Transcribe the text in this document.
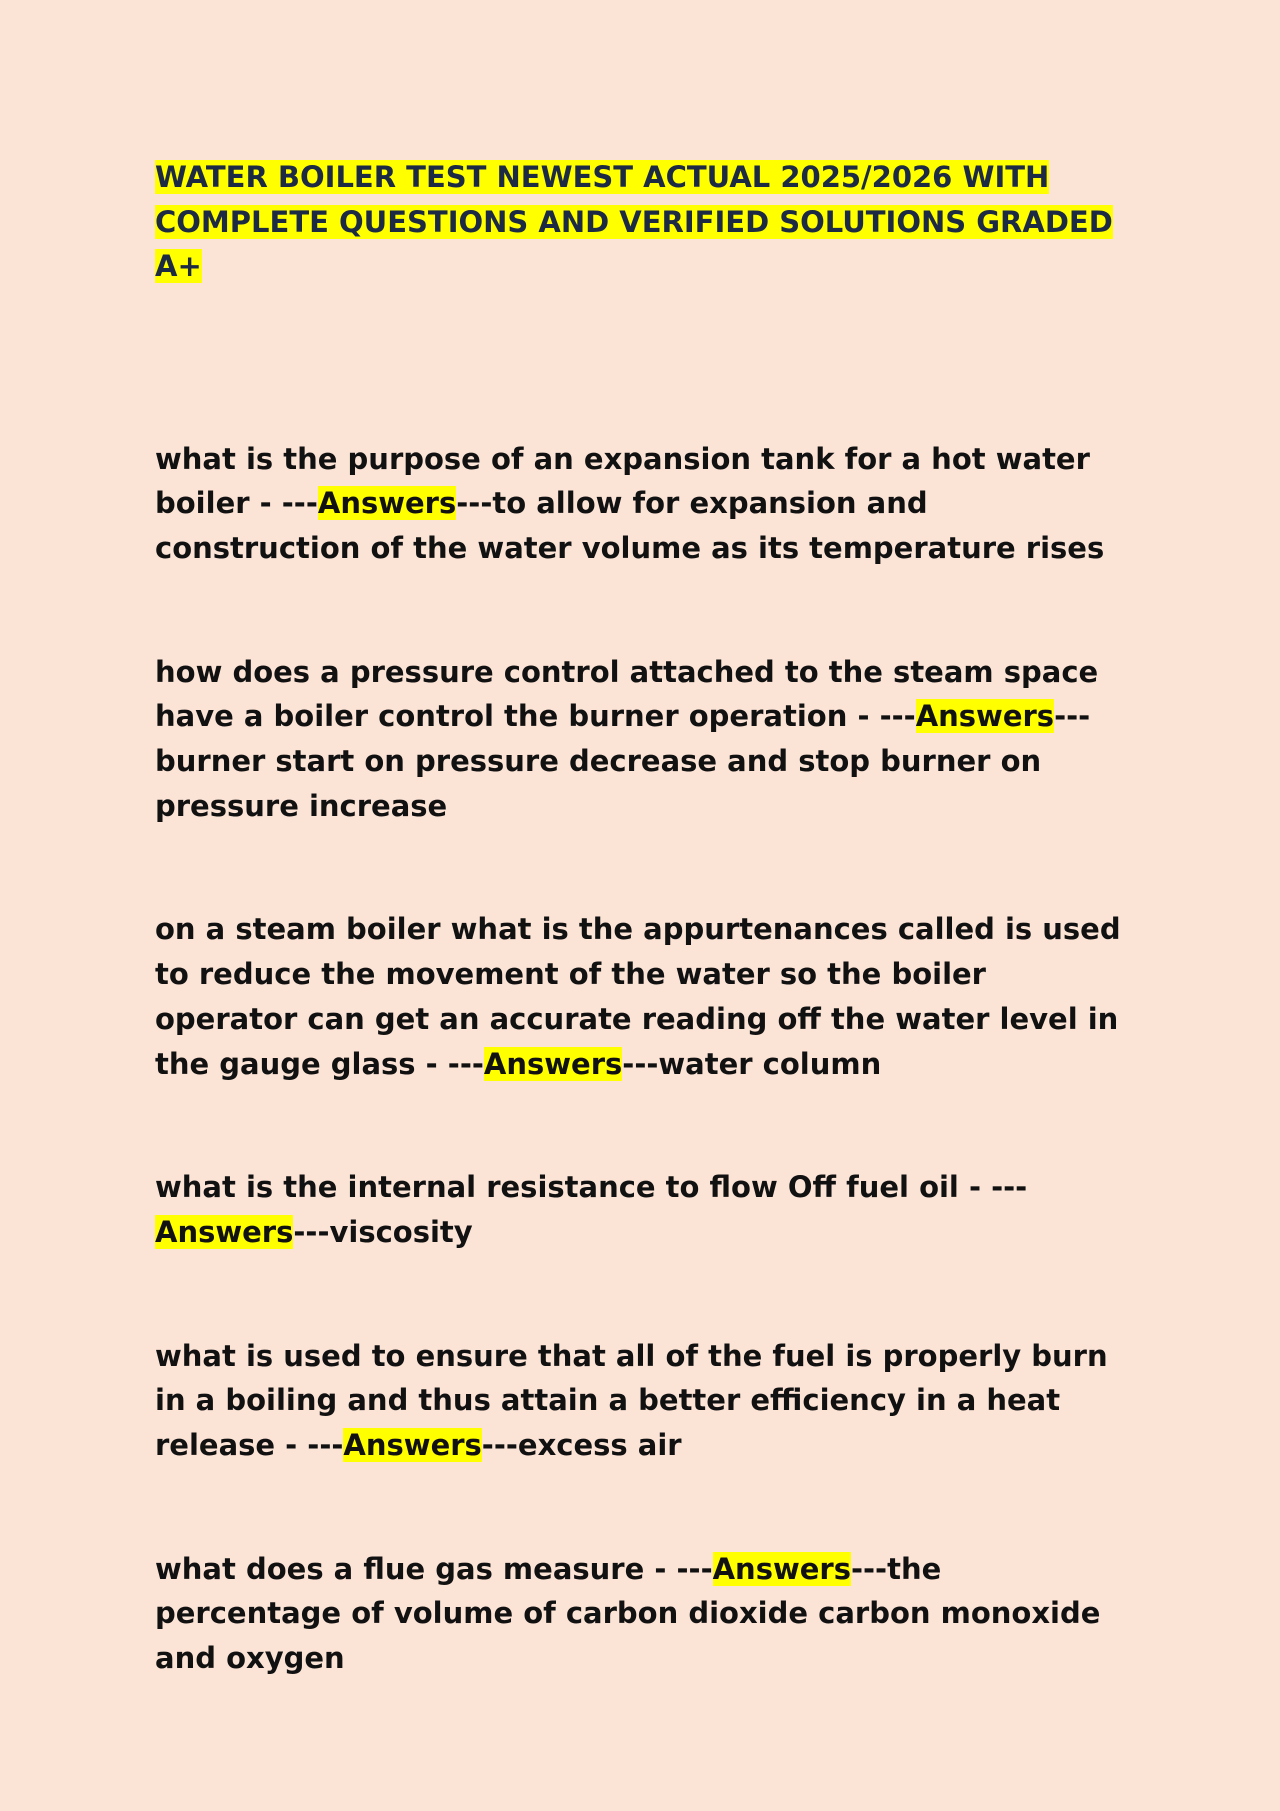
WATER BOILER TEST NEWEST ACTUAL 2025/2026 WITH COMPLETE QUESTIONS AND VERIFIED SOLUTIONS GRADED A+

what is the purpose of an expansion tank for a hot water boiler - ---Answers---to allow for expansion and construction of the water volume as its temperature rises

how does a pressure control attached to the steam space have a boiler control the burner operation - ---Answers---burner start on pressure decrease and stop burner on pressure increase

on a steam boiler what is the appurtenances called is used to reduce the movement of the water so the boiler operator can get an accurate reading off the water level in the gauge glass - ---Answers---water column

what is the internal resistance to flow Off fuel oil - ---Answers---viscosity

what is used to ensure that all of the fuel is properly burn in a boiling and thus attain a better efficiency in a heat release - ---Answers---excess air

what does a flue gas measure - ---Answers---the percentage of volume of carbon dioxide carbon monoxide and oxygen
